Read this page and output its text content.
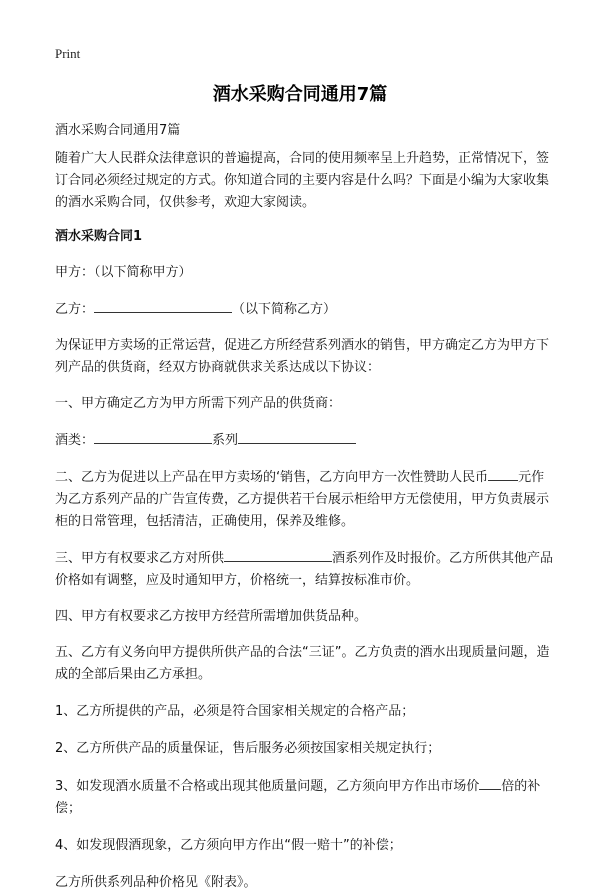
Print
酒水采购合同通用7篇

酒水采购合同通用7篇

随着广大人民群众法律意识的普遍提高，合同的使用频率呈上升趋势，正常情况下，签订合同必须经过规定的方式。你知道合同的主要内容是什么吗？下面是小编为大家收集的酒水采购合同，仅供参考，欢迎大家阅读。

酒水采购合同1

甲方：（以下简称甲方）

乙方：	（以下简称乙方）

为保证甲方卖场的正常运营，促进乙方所经营系列酒水的销售，甲方确定乙方为甲方下列产品的供货商，经双方协商就供求关系达成以下协议：

一、甲方确定乙方为甲方所需下列产品的供货商：

酒类：	系列

二、乙方为促进以上产品在甲方卖场的‘销售，乙方向甲方一次性赞助人民币 元作为乙方系列产品的广告宣传费，乙方提供若干台展示柜给甲方无偿使用，甲方负责展示柜的日常管理，包括清洁，正确使用，保养及维修。

三、甲方有权要求乙方对所供	酒系列作及时报价。乙方所供其他产品价格如有调整，应及时通知甲方，价格统一，结算按标准市价。

四、甲方有权要求乙方按甲方经营所需增加供货品种。

五、乙方有义务向甲方提供所供产品的合法“三证”。乙方负责的酒水出现质量问题，造成的全部后果由乙方承担。

1、乙方所提供的产品，必须是符合国家相关规定的合格产品；

2、乙方所供产品的质量保证，售后服务必须按国家相关规定执行；

3、如发现酒水质量不合格或出现其他质量问题，乙方须向甲方作出市场价 倍的补偿；

4、如发现假酒现象，乙方须向甲方作出“假一赔十”的补偿；

乙方所供系列品种价格见《附表》。
